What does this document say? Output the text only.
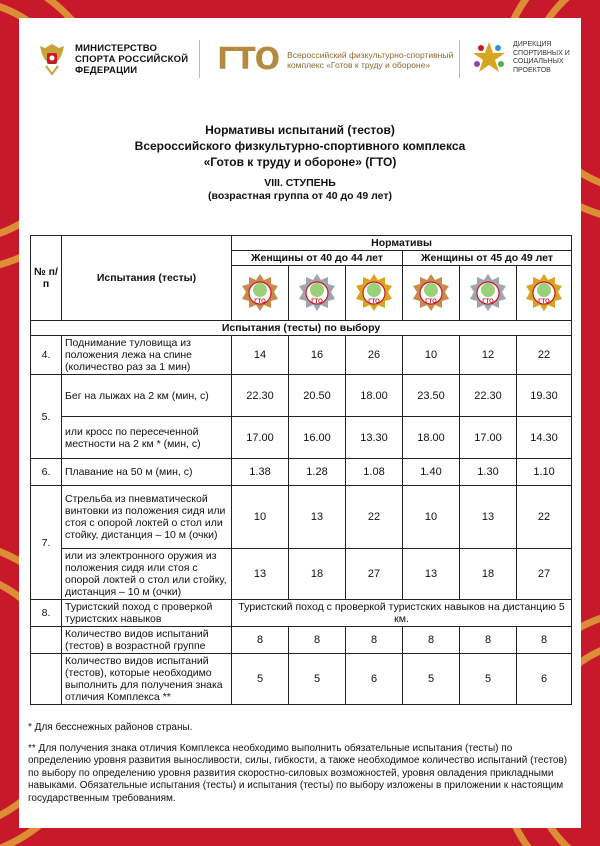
МИНИСТЕРСТВО СПОРТА РОССИЙСКОЙ ФЕДЕРАЦИИ	ГТО Всероссийский физкультурно-спортивный комплекс «Готов к труду и обороне»
ДИРЕКЦИЯ СПОРТИВНЫХ И СОЦИАЛЬНЫХ ПРОЕКТОВ
Нормативы испытаний (тестов)
Всероссийского физкультурно-спортивного комплекса
«Готов к труду и обороне» (ГТО)
VIII. СТУПЕНЬ
(возрастная группа от 40 до 49 лет)
№ п/п	Испытания (тесты)	Нормативы					
		Женщины от 40 до 44 лет			Женщины от 45 до 49 лет		

ГТО	ГТО	ГТО	ГТО	ГТО	ГТО

Испытания (тесты) по выбору							
4.	Поднимание туловища из положения лежа на спине (количество раз за 1 мин)	14	16	26	10	12	22
5.	Бег на лыжах на 2 км (мин, с)	22.30	20.50	18.00	23.50	22.30	19.30
	или кросс по пересеченной местности на 2 км * (мин, с)	17.00	16.00	13.30	18.00	17.00	14.30
6.	Плавание на 50 м (мин, с)	1.38	1.28	1.08	1.40	1.30	1.10
7.	Стрельба из пневматической винтовки из положения сидя или стоя с опорой локтей о стол или стойку, дистанция – 10 м (очки)	10	13	22	10	13	22
	или из электронного оружия из положения сидя или стоя с опорой локтей о стол или стойку, дистанция – 10 м (очки)	13	18	27	13	18	27
8.	Туристский поход с проверкой туристских навыков	Туристский поход с проверкой туристских навыков на дистанцию 5 км.					
	Количество видов испытаний (тестов) в возрастной группе	8	8	8	8	8	8
	Количество видов испытаний (тестов), которые необходимо выполнить для получения знака отличия Комплекса **	5	5	6	5	5	6

* Для бесснежных районов страны.

** Для получения знака отличия Комплекса необходимо выполнить обязательные испытания (тесты) по определению уровня развития выносливости, силы, гибкости, а также необходимое количество испытаний (тестов) по выбору по определению уровня развития скоростно-силовых возможностей, уровня овладения прикладными навыками. Обязательные испытания (тесты) и испытания (тесты) по выбору изложены в приложении к настоящим государственным требованиям.
